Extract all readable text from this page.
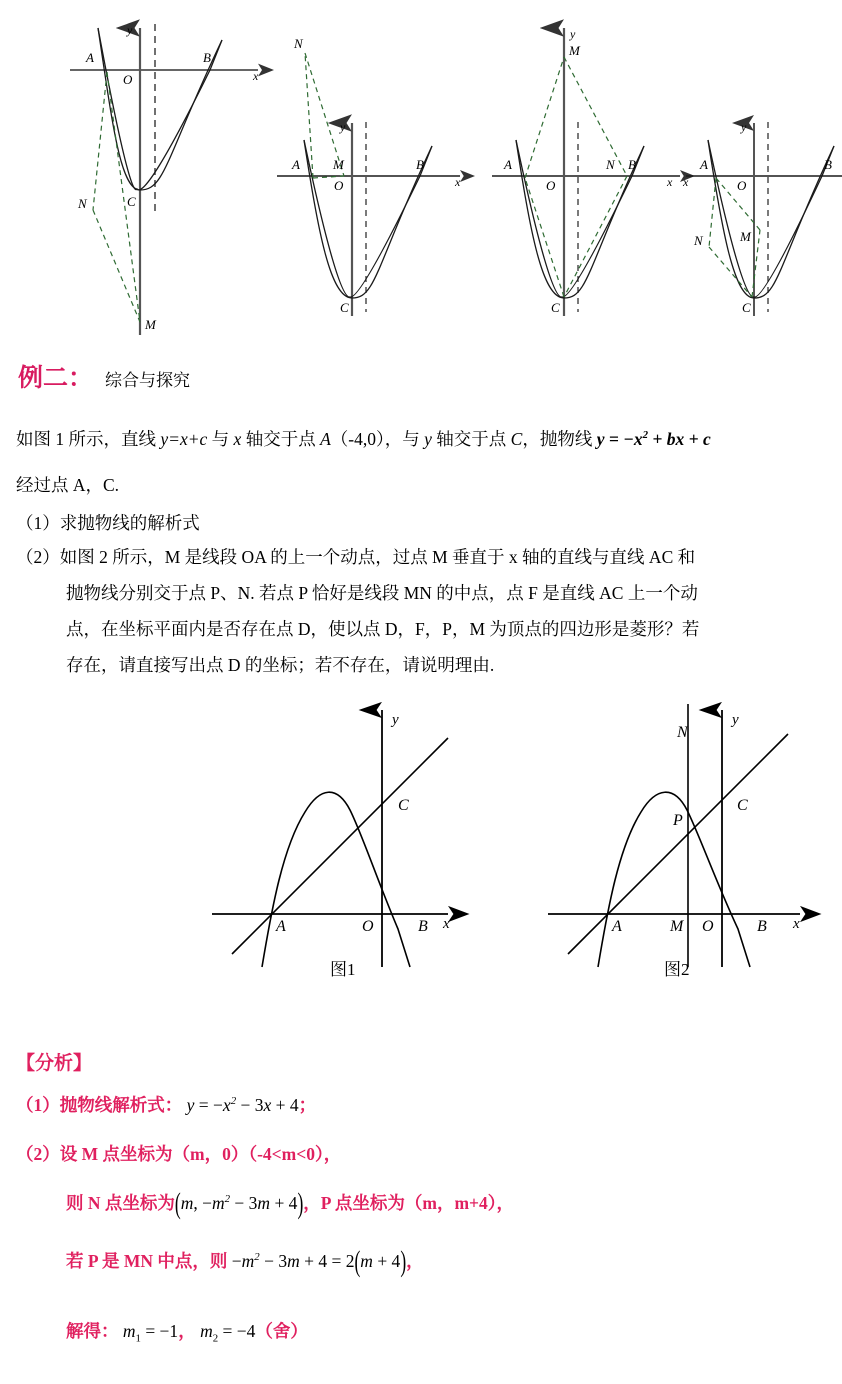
A	B
O	x
y
C
N
M
A	B
O	x
y
C
N
M	A	B
O	x
y
C
N
M
A	B
O
x
y
C
N	M
例二： 综合与探究
如图 1 所示，直线 y=x+c 与 x 轴交于点 A（-4,0），与 y 轴交于点 C，抛物线 $y = -x^2$ + bx + c
经过点 A，C.
（1）求抛物线的解析式
（2）如图 2 所示，M 是线段 OA 的上一个动点，过点 M 垂直于 x 轴的直线与直线 AC 和
抛物线分别交于点 P、N. 若点 P 恰好是线段 MN 的中点，点 F 是直线 AC 上一个动
点，在坐标平面内是否存在点 D，使以点 D，F，P，M 为顶点的四边形是菱形？若
存在，请直接写出点 D 的坐标；若不存在，请说明理由.
A	O	B
C
x
y
A	M O	B
C
P
N
x
y
图1	图2
【分析】
（1）抛物线解析式： $y = -x^2 - 3x + 4$；
（2）设 M 点坐标为（m，0）（-4<m<0），
则 N 点坐标为(m, $-m^2 - 3m + 4$)，P 点坐标为（m，m+4），
若 P 是 MN 中点，则 $-m^2 - 3m + 4 = 2(m + 4)$，
解得： $m_1 = -1$， $m_2 = -4$（舍）
